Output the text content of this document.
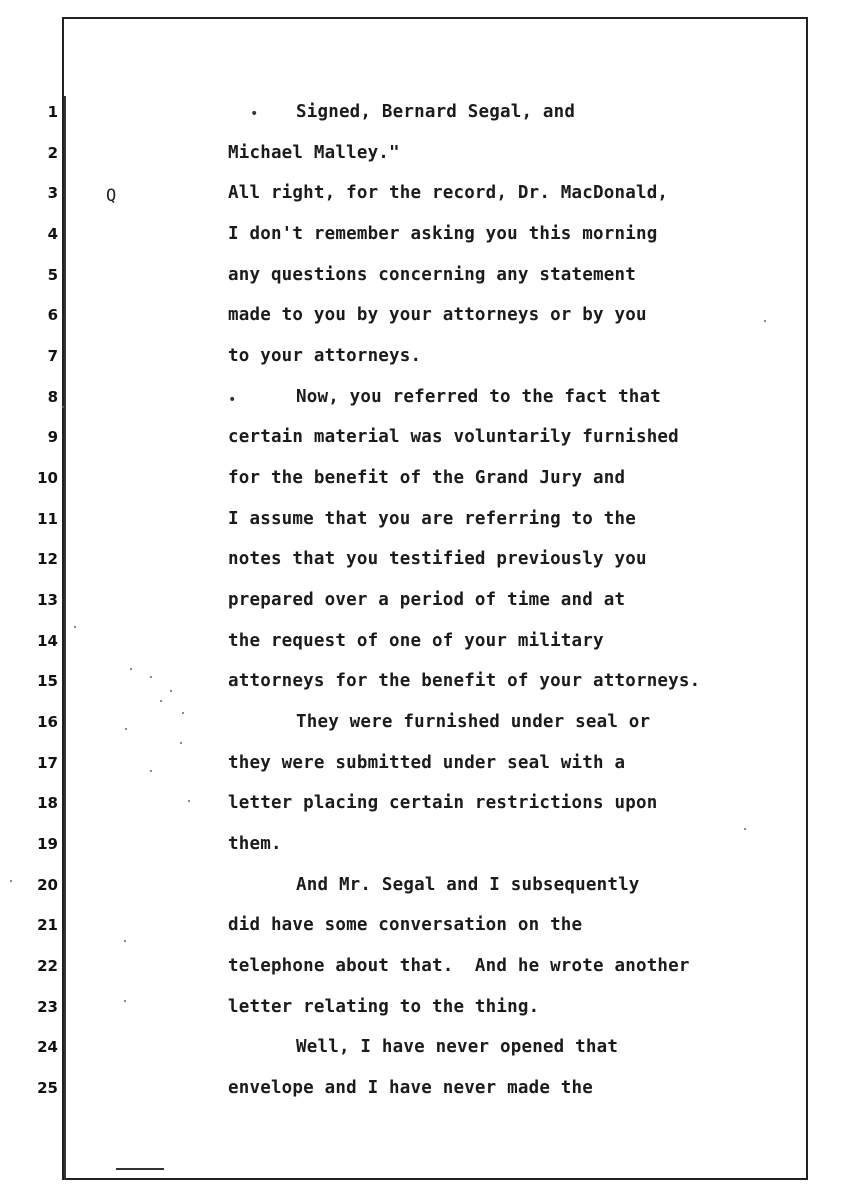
1
2
3
4
5
6
7
8
9
10
11
12
13
14
15
16
17
18
19
20
21
22
23
24
25
Q
Signed, Bernard Segal, and
Michael Malley."
All right, for the record, Dr. MacDonald,
I don't remember asking you this morning
any questions concerning any statement
made to you by your attorneys or by you
to your attorneys.
Now, you referred to the fact that
certain material was voluntarily furnished
for the benefit of the Grand Jury and
I assume that you are referring to the
notes that you testified previously you
prepared over a period of time and at
the request of one of your military
attorneys for the benefit of your attorneys.
They were furnished under seal or
they were submitted under seal with a
letter placing certain restrictions upon
them.
And Mr. Segal and I subsequently
did have some conversation on the
telephone about that.  And he wrote another
letter relating to the thing.
Well, I have never opened that
envelope and I have never made the
•
•
